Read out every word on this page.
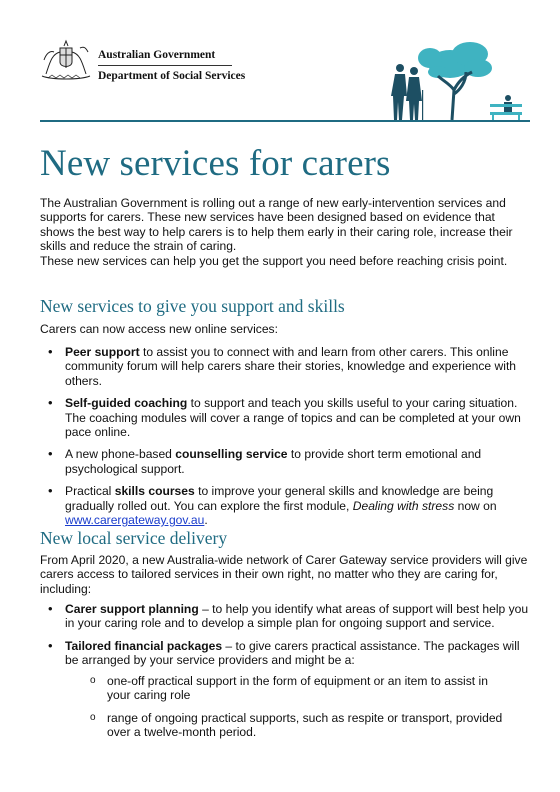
Australian Government
Department of Social Services
New services for carers

The Australian Government is rolling out a range of new early-intervention services and supports for carers. These new services have been designed based on evidence that shows the best way to help carers is to help them early in their caring role, increase their skills and reduce the strain of caring.

These new services can help you get the support you need before reaching crisis point.

New services to give you support and skills

Carers can now access new online services:

• Peer support to assist you to connect with and learn from other carers. This online community forum will help carers share their stories, knowledge and experience with others.
• Self-guided coaching to support and teach you skills useful to your caring situation. The coaching modules will cover a range of topics and can be completed at your own pace online.
• A new phone-based counselling service to provide short term emotional and psychological support.
• Practical skills courses to improve your general skills and knowledge are being gradually rolled out. You can explore the first module, Dealing with stress now on www.carergateway.gov.au.
New local service delivery

From April 2020, a new Australia-wide network of Carer Gateway service providers will give carers access to tailored services in their own right, no matter who they are caring for, including:

• Carer support planning – to help you identify what areas of support will best help you in your caring role and to develop a simple plan for ongoing support and service.
• Tailored financial packages – to give carers practical assistance. The packages will be arranged by your service providers and might be a:
o one-off practical support in the form of equipment or an item to assist in your caring role
o range of ongoing practical supports, such as respite or transport, provided over a twelve-month period.
